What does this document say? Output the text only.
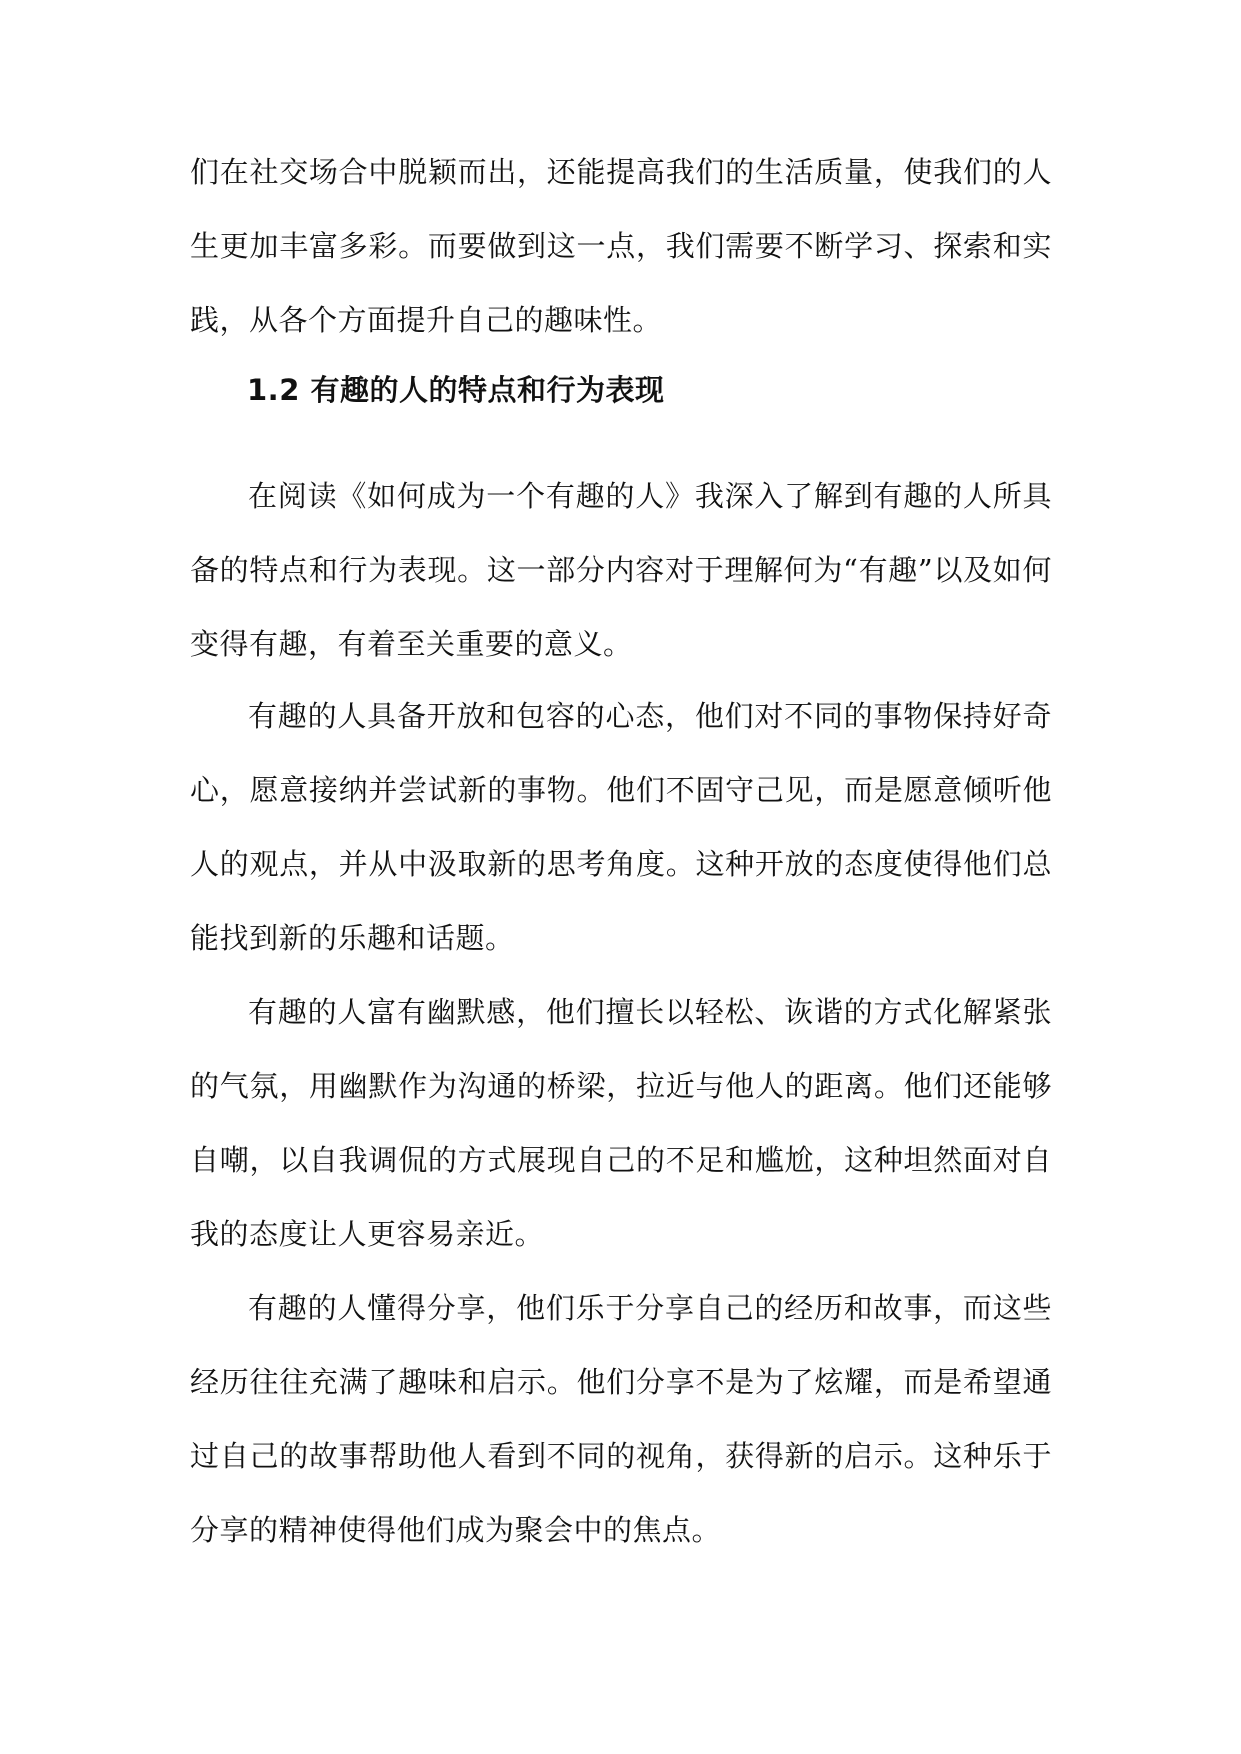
们在社交场合中脱颖而出，还能提高我们的生活质量，使我们的人生更加丰富多彩。而要做到这一点，我们需要不断学习、探索和实践，从各个方面提升自己的趣味性。

1.2 有趣的人的特点和行为表现

在阅读《如何成为一个有趣的人》我深入了解到有趣的人所具备的特点和行为表现。这一部分内容对于理解何为“有趣”以及如何变得有趣，有着至关重要的意义。

有趣的人具备开放和包容的心态，他们对不同的事物保持好奇心，愿意接纳并尝试新的事物。他们不固守己见，而是愿意倾听他人的观点，并从中汲取新的思考角度。这种开放的态度使得他们总能找到新的乐趣和话题。

有趣的人富有幽默感，他们擅长以轻松、诙谐的方式化解紧张的气氛，用幽默作为沟通的桥梁，拉近与他人的距离。他们还能够自嘲，以自我调侃的方式展现自己的不足和尴尬，这种坦然面对自我的态度让人更容易亲近。

有趣的人懂得分享，他们乐于分享自己的经历和故事，而这些经历往往充满了趣味和启示。他们分享不是为了炫耀，而是希望通过自己的故事帮助他人看到不同的视角，获得新的启示。这种乐于分享的精神使得他们成为聚会中的焦点。
